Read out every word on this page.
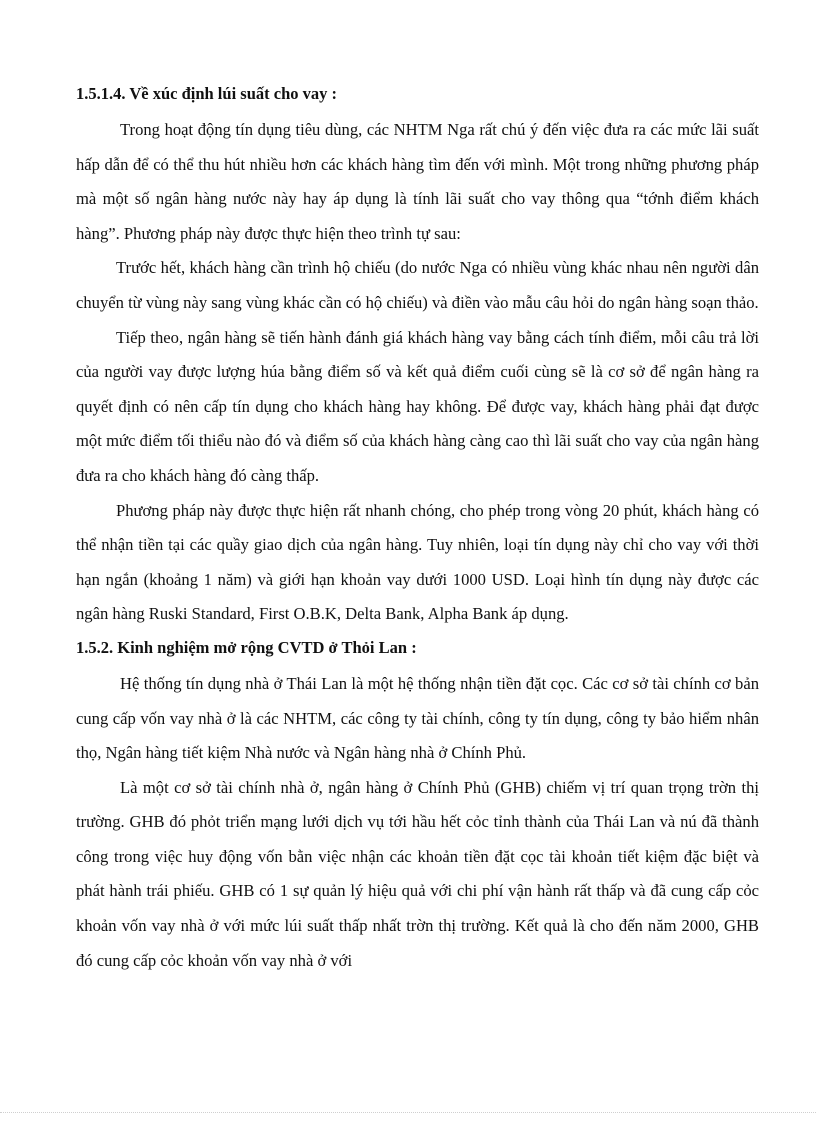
1.5.1.4. Về xúc định lúi suất cho vay :

Trong hoạt động tín dụng tiêu dùng, các NHTM Nga rất chú ý đến việc đưa ra các mức lãi suất hấp dẫn để có thể thu hút nhiều hơn các khách hàng tìm đến với mình. Một trong những phương pháp mà một số ngân hàng nước này hay áp dụng là tính lãi suất cho vay thông qua “tớnh điểm khách hàng”. Phương pháp này được thực hiện theo trình tự sau:

Trước hết, khách hàng cần trình hộ chiếu (do nước Nga có nhiều vùng khác nhau nên người dân chuyển từ vùng này sang vùng khác cần có hộ chiếu) và điền vào mẫu câu hỏi do ngân hàng soạn thảo.

Tiếp theo, ngân hàng sẽ tiến hành đánh giá khách hàng vay bằng cách tính điểm, mỗi câu trả lời của người vay được lượng húa bằng điểm số và kết quả điểm cuối cùng sẽ là cơ sở để ngân hàng ra quyết định có nên cấp tín dụng cho khách hàng hay không. Để được vay, khách hàng phải đạt được một mức điểm tối thiểu nào đó và điểm số của khách hàng càng cao thì lãi suất cho vay của ngân hàng đưa ra cho khách hàng đó càng thấp.

Phương pháp này được thực hiện rất nhanh chóng, cho phép trong vòng 20 phút, khách hàng có thể nhận tiền tại các quầy giao dịch của ngân hàng. Tuy nhiên, loại tín dụng này chỉ cho vay với thời hạn ngắn (khoảng 1 năm) và giới hạn khoản vay dưới 1000 USD. Loại hình tín dụng này được các ngân hàng Ruski Standard, First O.B.K, Delta Bank, Alpha Bank áp dụng.

1.5.2. Kinh nghiệm mở rộng CVTD ở Thỏi Lan :

Hệ thống tín dụng nhà ở Thái Lan là một hệ thống nhận tiền đặt cọc. Các cơ sở tài chính cơ bản cung cấp vốn vay nhà ở là các NHTM, các công ty tài chính, công ty tín dụng, công ty bảo hiểm nhân thọ, Ngân hàng tiết kiệm Nhà nước và Ngân hàng nhà ở Chính Phủ.

Là một cơ sở tài chính nhà ở, ngân hàng ở Chính Phủ (GHB) chiếm vị trí quan trọng trờn thị trường. GHB đó phỏt triển mạng lưới dịch vụ tới hầu hết cỏc tỉnh thành của Thái Lan và nú đã thành công trong việc huy động vốn bằn việc nhận các khoản tiền đặt cọc tài khoản tiết kiệm đặc biệt và phát hành trái phiếu. GHB có 1 sự quản lý hiệu quả với chi phí vận hành rất thấp và đã cung cấp cỏc khoản vốn vay nhà ở với mức lúi suất thấp nhất trờn thị trường. Kết quả là cho đến năm 2000, GHB đó cung cấp cỏc khoản vốn vay nhà ở với
